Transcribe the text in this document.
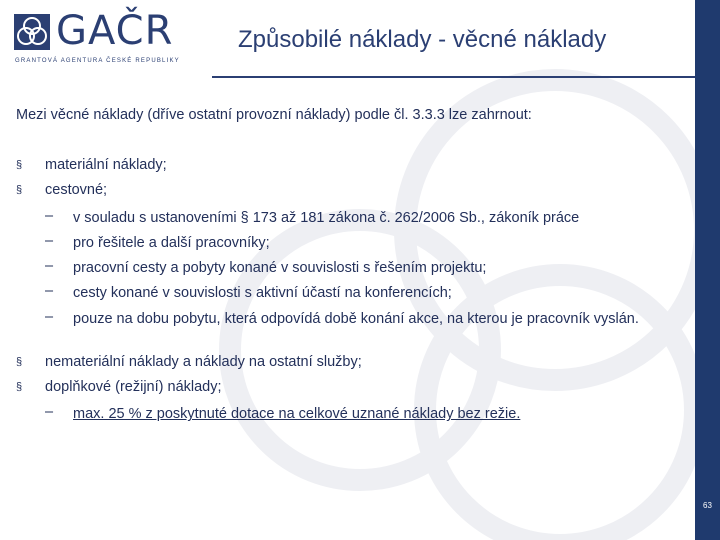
63
GAČR
GRANTOVÁ AGENTURA ČESKÉ REPUBLIKY
Způsobilé náklady - věcné náklady
Mezi věcné náklady (dříve ostatní provozní náklady) podle čl. 3.3.3 lze zahrnout:
§ materiální náklady;
§ cestovné;
– v souladu s ustanoveními § 173 až 181 zákona č. 262/2006 Sb., zákoník práce
– pro řešitele a další pracovníky;
– pracovní cesty a pobyty konané v souvislosti s řešením projektu;
– cesty konané v souvislosti s aktivní účastí na konferencích;
– pouze na dobu pobytu, která odpovídá době konání akce, na kterou je pracovník vyslán.
§ nemateriální náklady a náklady na ostatní služby;
§ doplňkové (režijní) náklady;
– max. 25 % z poskytnuté dotace na celkové uznané náklady bez režie.
